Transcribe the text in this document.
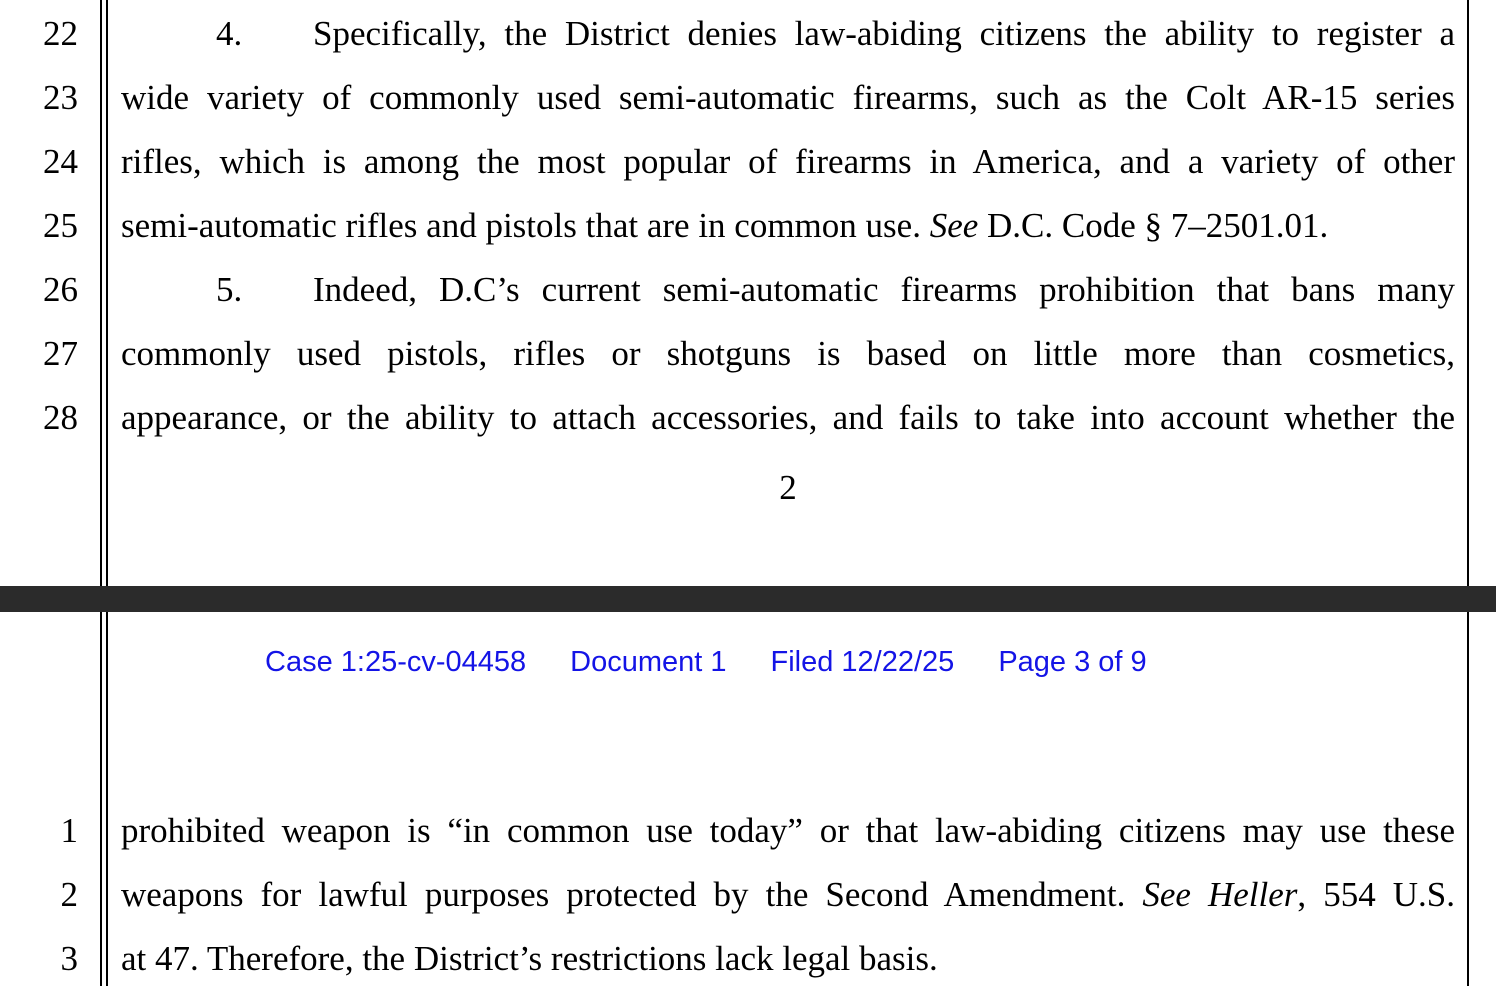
22
23
24
25
26
27
28
4.	Specifically, the District denies law-abiding citizens the ability to register a
wide variety of commonly used semi-automatic firearms, such as the Colt AR-15 series
rifles, which is among the most popular of firearms in America, and a variety of other
semi-automatic rifles and pistols that are in common use. See D.C. Code § 7–2501.01.
5.	Indeed, D.C’s current semi-automatic firearms prohibition that bans many
commonly used pistols, rifles or shotguns is based on little more than cosmetics,
appearance, or the ability to attach accessories, and fails to take into account whether the
2
Case 1:25-cv-04458 Document 1 Filed 12/22/25 Page 3 of 9
1
2
3
prohibited weapon is “in common use today” or that law-abiding citizens may use these
weapons for lawful purposes protected by the Second Amendment. See Heller, 554 U.S.
at 47. Therefore, the District’s restrictions lack legal basis.
